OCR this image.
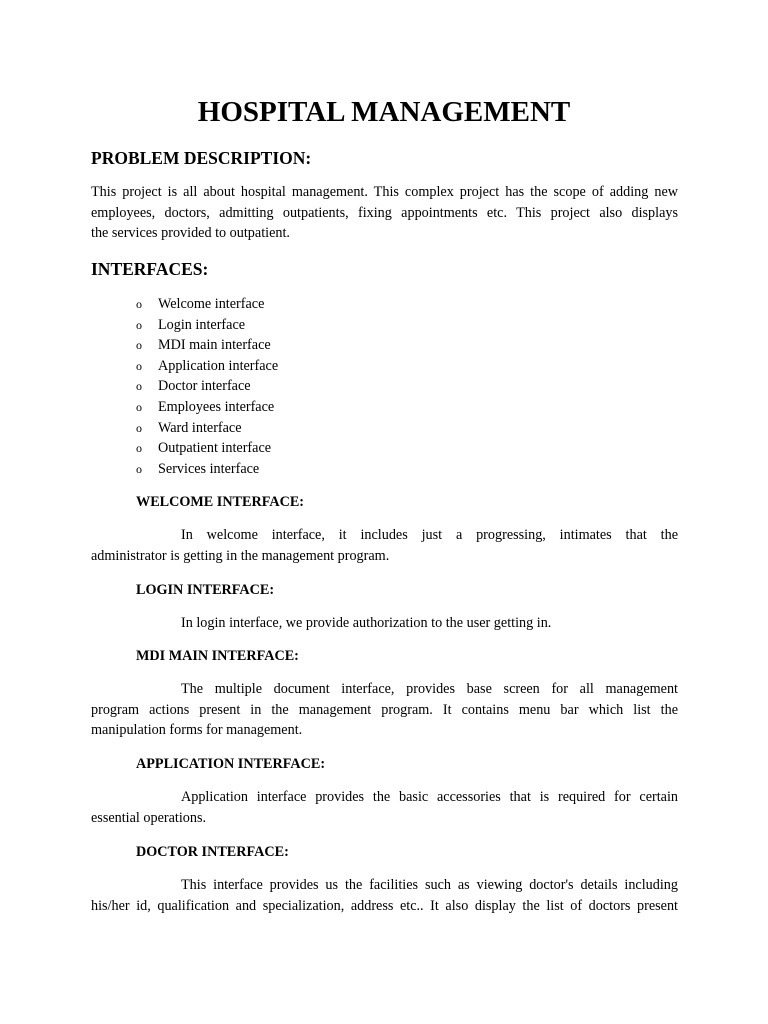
HOSPITAL MANAGEMENT
PROBLEM DESCRIPTION:

This project is all about hospital management. This complex project has the scope of adding new
employees, doctors, admitting outpatients, fixing appointments etc. This project also displays
the services provided to outpatient.

INTERFACES:
o Welcome interface
o Login interface
o MDI main interface
o Application interface
o Doctor interface
o Employees interface
o Ward interface
o Outpatient interface
o Services interface
WELCOME INTERFACE:

In welcome interface, it includes just a progressing, intimates that the
administrator is getting in the management program.

LOGIN INTERFACE:

In login interface, we provide authorization to the user getting in.

MDI MAIN INTERFACE:

The multiple document interface, provides base screen for all management
program actions present in the management program. It contains menu bar which list the
manipulation forms for management.

APPLICATION INTERFACE:

Application interface provides the basic accessories that is required for certain
essential operations.

DOCTOR INTERFACE:

This interface provides us the facilities such as viewing doctor's details including
his/her id, qualification and specialization, address etc.. It also display the list of doctors present
